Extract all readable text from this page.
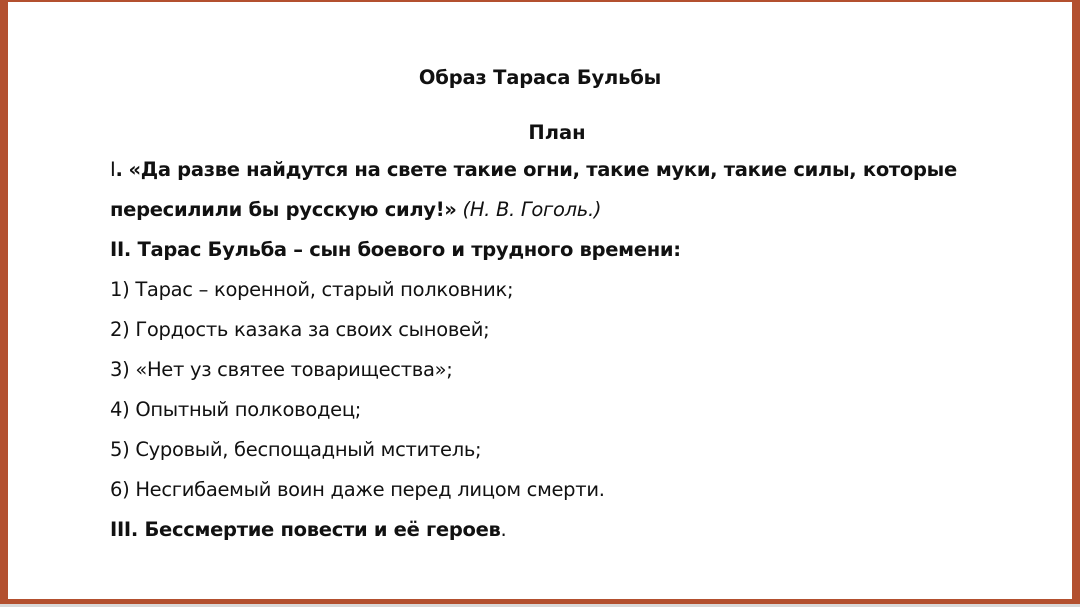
Образ Тараса Бульбы
План
I. «Да разве найдутся на свете такие огни, такие муки, такие силы, которые
пересилили бы русскую силу!» (Н. В. Гоголь.)
II. Тарас Бульба – сын боевого и трудного времени:
1) Тарас – коренной, старый полковник;
2) Гордость казака за своих сыновей;
3) «Нет уз святее товарищества»;
4) Опытный полководец;
5) Суровый, беспощадный мститель;
6) Несгибаемый воин даже перед лицом смерти.
III. Бессмертие повести и её героев.
